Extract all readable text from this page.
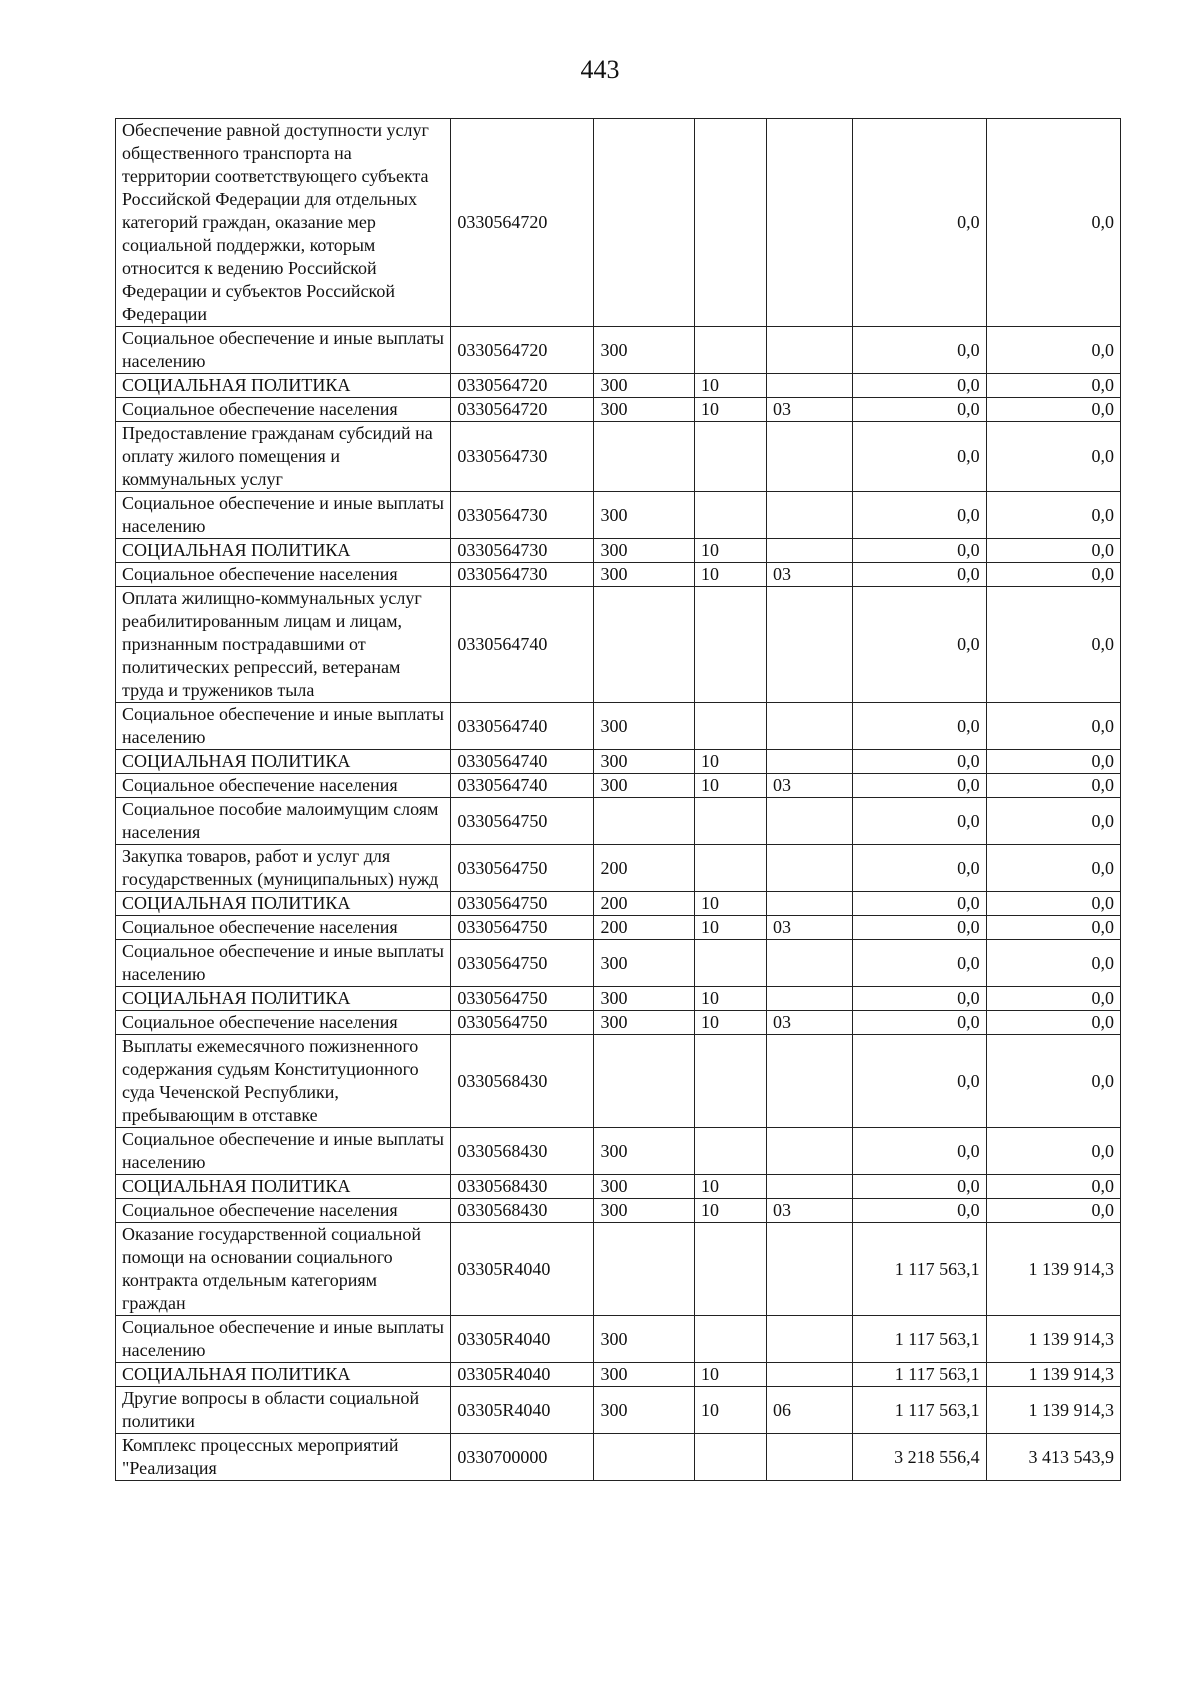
443
Обеспечение равной доступности услуг общественного транспорта на территории соответствующего субъекта Российской Федерации для отдельных категорий граждан, оказание мер социальной поддержки, которым относится к ведению Российской Федерации и субъектов Российской Федерации	0330564720				0,0	0,0
Социальное обеспечение и иные выплаты населению	0330564720	300			0,0	0,0
СОЦИАЛЬНАЯ ПОЛИТИКА	0330564720	300	10		0,0	0,0
Социальное обеспечение населения	0330564720	300	10	03	0,0	0,0
Предоставление гражданам субсидий на оплату жилого помещения и коммунальных услуг	0330564730				0,0	0,0
Социальное обеспечение и иные выплаты населению	0330564730	300			0,0	0,0
СОЦИАЛЬНАЯ ПОЛИТИКА	0330564730	300	10		0,0	0,0
Социальное обеспечение населения	0330564730	300	10	03	0,0	0,0
Оплата жилищно-коммунальных услуг реабилитированным лицам и лицам, признанным пострадавшими от политических репрессий, ветеранам труда и тружеников тыла	0330564740				0,0	0,0
Социальное обеспечение и иные выплаты населению	0330564740	300			0,0	0,0
СОЦИАЛЬНАЯ ПОЛИТИКА	0330564740	300	10		0,0	0,0
Социальное обеспечение населения	0330564740	300	10	03	0,0	0,0
Социальное пособие малоимущим слоям населения	0330564750				0,0	0,0
Закупка товаров, работ и услуг для государственных (муниципальных) нужд	0330564750	200			0,0	0,0
СОЦИАЛЬНАЯ ПОЛИТИКА	0330564750	200	10		0,0	0,0
Социальное обеспечение населения	0330564750	200	10	03	0,0	0,0
Социальное обеспечение и иные выплаты населению	0330564750	300			0,0	0,0
СОЦИАЛЬНАЯ ПОЛИТИКА	0330564750	300	10		0,0	0,0
Социальное обеспечение населения	0330564750	300	10	03	0,0	0,0
Выплаты ежемесячного пожизненного содержания судьям Конституционного суда Чеченской Республики, пребывающим в отставке	0330568430				0,0	0,0
Социальное обеспечение и иные выплаты населению	0330568430	300			0,0	0,0
СОЦИАЛЬНАЯ ПОЛИТИКА	0330568430	300	10		0,0	0,0
Социальное обеспечение населения	0330568430	300	10	03	0,0	0,0
Оказание государственной социальной помощи на основании социального контракта отдельным категориям граждан	03305R4040				1 117 563,1	1 139 914,3
Социальное обеспечение и иные выплаты населению	03305R4040	300			1 117 563,1	1 139 914,3
СОЦИАЛЬНАЯ ПОЛИТИКА	03305R4040	300	10		1 117 563,1	1 139 914,3
Другие вопросы в области социальной политики	03305R4040	300	10	06	1 117 563,1	1 139 914,3
Комплекс процессных мероприятий "Реализация	0330700000				3 218 556,4	3 413 543,9
